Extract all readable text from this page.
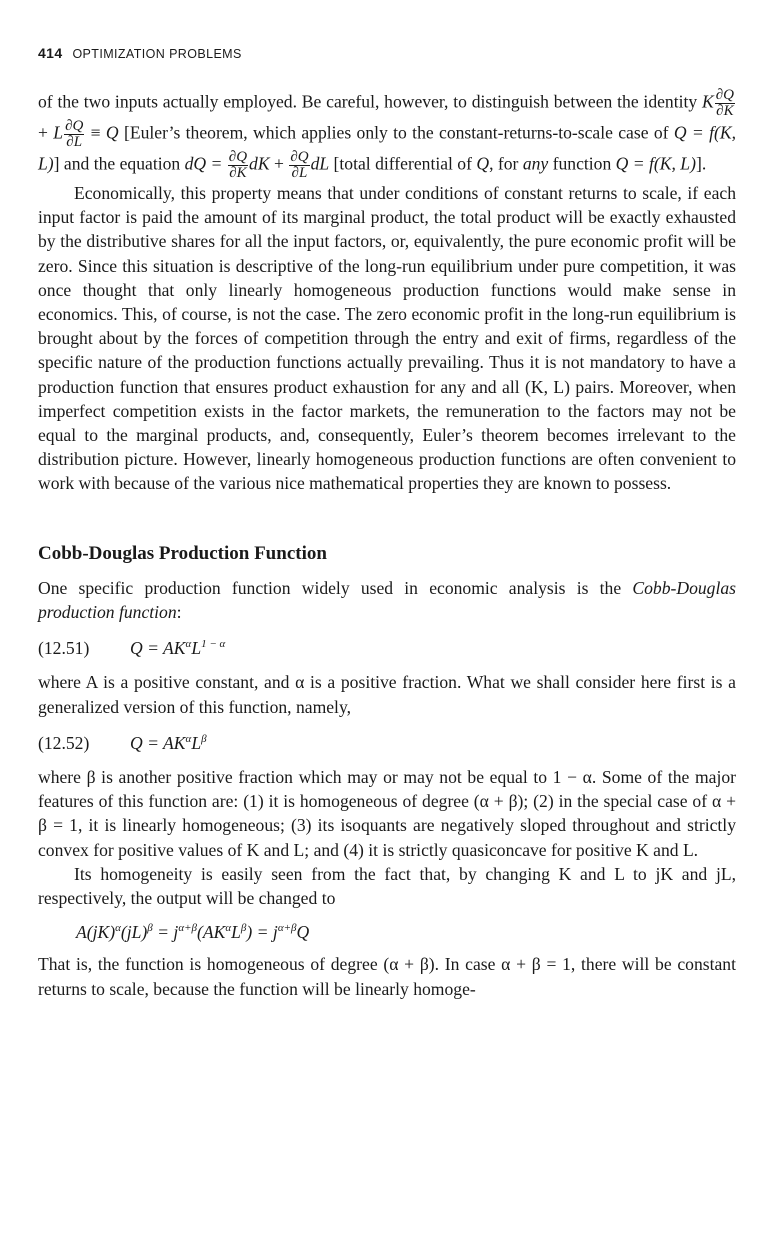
414 OPTIMIZATION PROBLEMS

of the two inputs actually employed. Be careful, however, to distinguish between the identity K $\frac{\partial Q}{\partial K}$
+ L $\frac{\partial Q}{\partial L} \equiv Q$ [Euler’s theorem, which applies only to the constant-returns-to-scale case of Q = f(K, L)] and the equation dQ = $\frac{\partial Q}{\partial K}$ dK + $\frac{\partial Q}{\partial L}$ dL [total differential of Q, for any function Q = f(K, L)].

Economically, this property means that under conditions of constant returns to scale, if each input factor is paid the amount of its marginal product, the total product will be exactly exhausted by the distributive shares for all the input factors, or, equivalently, the pure economic profit will be zero. Since this situation is descriptive of the long-run equilibrium under pure competition, it was once thought that only linearly homogeneous production functions would make sense in economics. This, of course, is not the case. The zero economic profit in the long-run equilibrium is brought about by the forces of competition through the entry and exit of firms, regardless of the specific nature of the production functions actually prevailing. Thus it is not mandatory to have a production function that ensures product exhaustion for any and all (K, L) pairs. Moreover, when imperfect competition exists in the factor markets, the remuneration to the factors may not be equal to the marginal products, and, consequently, Euler’s theorem becomes irrelevant to the distribution picture. However, linearly homogeneous production functions are often convenient to work with because of the various nice mathematical properties they are known to possess.

Cobb-Douglas Production Function

One specific production function widely used in economic analysis is the Cobb-Douglas production function:

(12.51) $Q = AK^\alpha L^{1 - \alpha}$

where A is a positive constant, and α is a positive fraction. What we shall consider here first is a generalized version of this function, namely,

(12.52) $Q = AK^\alpha L^\beta$

where β is another positive fraction which may or may not be equal to 1 − α. Some of the major features of this function are: (1) it is homogeneous of degree (α + β); (2) in the special case of α + β = 1, it is linearly homogeneous; (3) its isoquants are negatively sloped throughout and strictly convex for positive values of K and L; and (4) it is strictly quasiconcave for positive K and L.

Its homogeneity is easily seen from the fact that, by changing K and L to jK and jL, respectively, the output will be changed to

$A(jK)^\alpha(jL)^\beta = j^{\alpha+\beta}(AK^\alpha L^\beta) = j^{\alpha+\beta}Q$

That is, the function is homogeneous of degree (α + β). In case α + β = 1, there will be constant returns to scale, because the function will be linearly homoge-
